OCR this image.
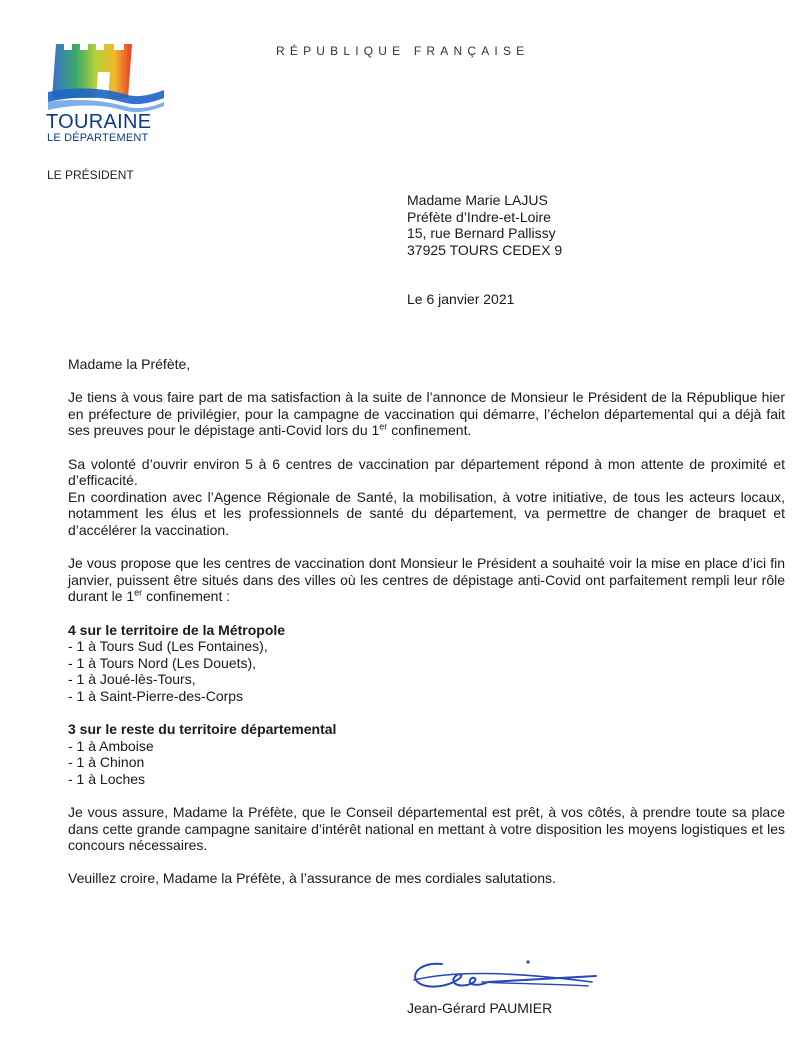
TOURAINE
LE DÉPARTEMENT
RÉPUBLIQUE FRANÇAISE
LE PRÉSIDENT
Madame Marie LAJUS
Préfète d’Indre-et-Loire
15, rue Bernard Pallissy
37925 TOURS CEDEX 9
Le 6 janvier 2021

Madame la Préfète,

Je tiens à vous faire part de ma satisfaction à la suite de l’annonce de Monsieur le Président de la République hier en préfecture de privilégier, pour la campagne de vaccination qui démarre, l’échelon départemental qui a déjà fait ses preuves pour le dépistage anti-Covid lors du 1er confinement.

Sa volonté d’ouvrir environ 5 à 6 centres de vaccination par département répond à mon attente de proximité et d’efficacité.

En coordination avec l’Agence Régionale de Santé, la mobilisation, à votre initiative, de tous les acteurs locaux, notamment les élus et les professionnels de santé du département, va permettre de changer de braquet et d’accélérer la vaccination.

Je vous propose que les centres de vaccination dont Monsieur le Président a souhaité voir la mise en place d’ici fin janvier, puissent être situés dans des villes où les centres de dépistage anti-Covid ont parfaitement rempli leur rôle durant le 1er confinement :

4 sur le territoire de la Métropole

- 1 à Tours Sud (Les Fontaines),

- 1 à Tours Nord (Les Douets),

- 1 à Joué-lès-Tours,

- 1 à Saint-Pierre-des-Corps

3 sur le reste du territoire départemental

- 1 à Amboise

- 1 à Chinon

- 1 à Loches

Je vous assure, Madame la Préfète, que le Conseil départemental est prêt, à vos côtés, à prendre toute sa place dans cette grande campagne sanitaire d’intérêt national en mettant à votre disposition les moyens logistiques et les concours nécessaires.

Veuillez croire, Madame la Préfète, à l’assurance de mes cordiales salutations.

Jean-Gérard PAUMIER
